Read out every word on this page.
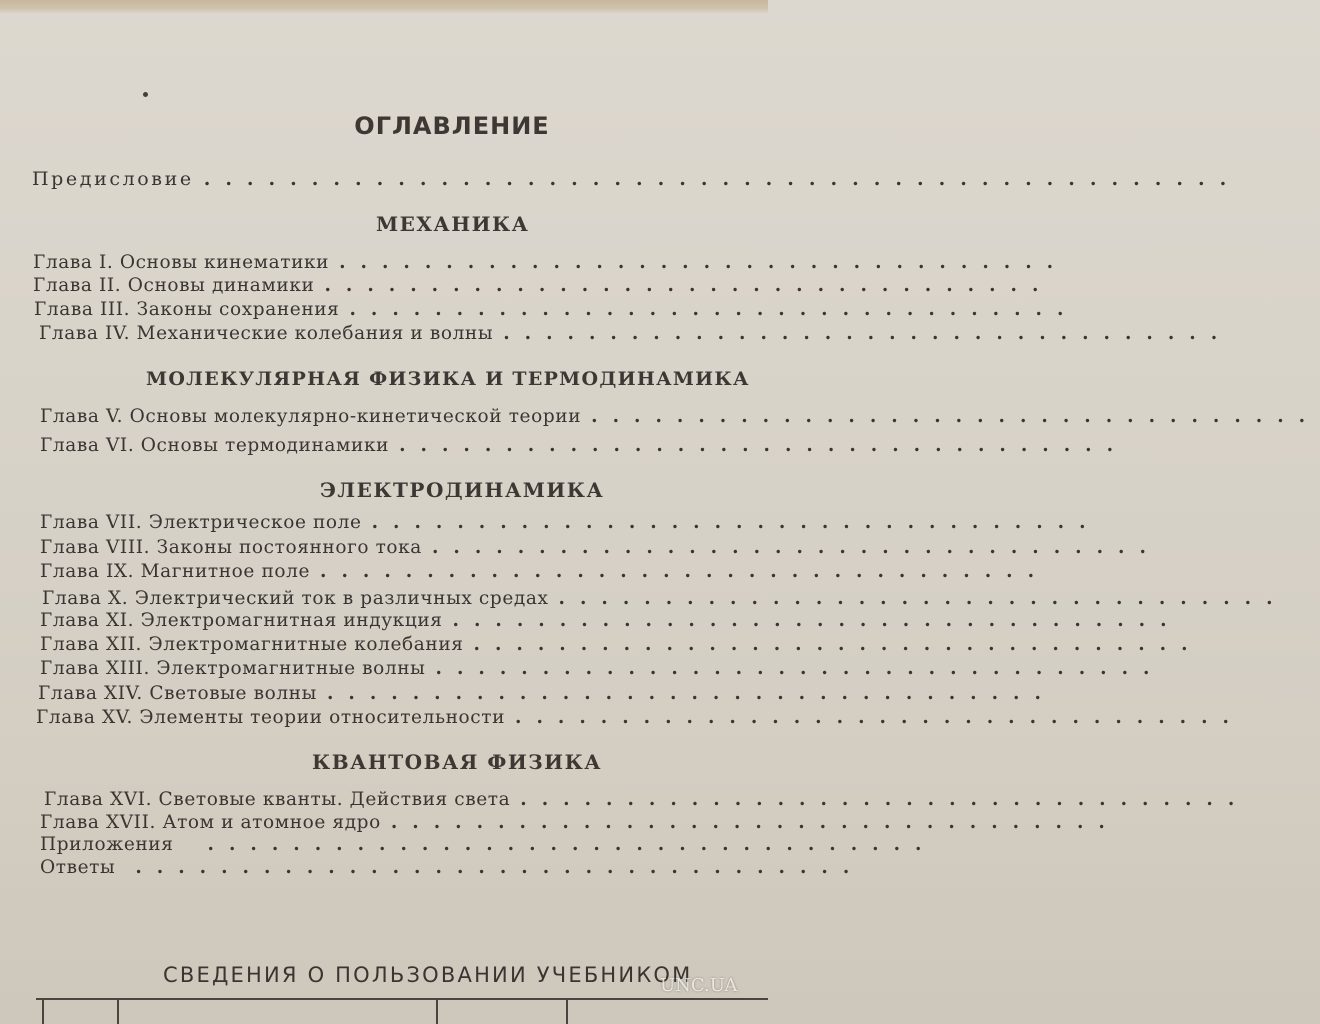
ОГЛАВЛЕНИЕ
Предисловие ................................................
МЕХАНИКА
Глава I. Основы кинематики ..................................
Глава II. Основы динамики ..................................
Глава III. Законы сохранения ..................................
Глава IV. Механические колебания и волны ..................................
МОЛЕКУЛЯРНАЯ ФИЗИКА И ТЕРМОДИНАМИКА
Глава V. Основы молекулярно-кинетической теории ..................................
Глава VI. Основы термодинамики ..................................
ЭЛЕКТРОДИНАМИКА
Глава VII. Электрическое поле ..................................
Глава VIII. Законы постоянного тока ..................................
Глава IX. Магнитное поле ..................................
Глава X. Электрический ток в различных средах ..................................
Глава XI. Электромагнитная индукция ..................................
Глава XII. Электромагнитные колебания ..................................
Глава XIII. Электромагнитные волны ..................................
Глава XIV. Световые волны ..................................
Глава XV. Элементы теории относительности ..................................
КВАНТОВАЯ ФИЗИКА
Глава XVI. Световые кванты. Действия света ..................................
Глава XVII. Атом и атомное ядро ..................................
Приложения ..................................
Ответы ..................................
СВЕДЕНИЯ О ПОЛЬЗОВАНИИ УЧЕБНИКОМ
UNC.UA
